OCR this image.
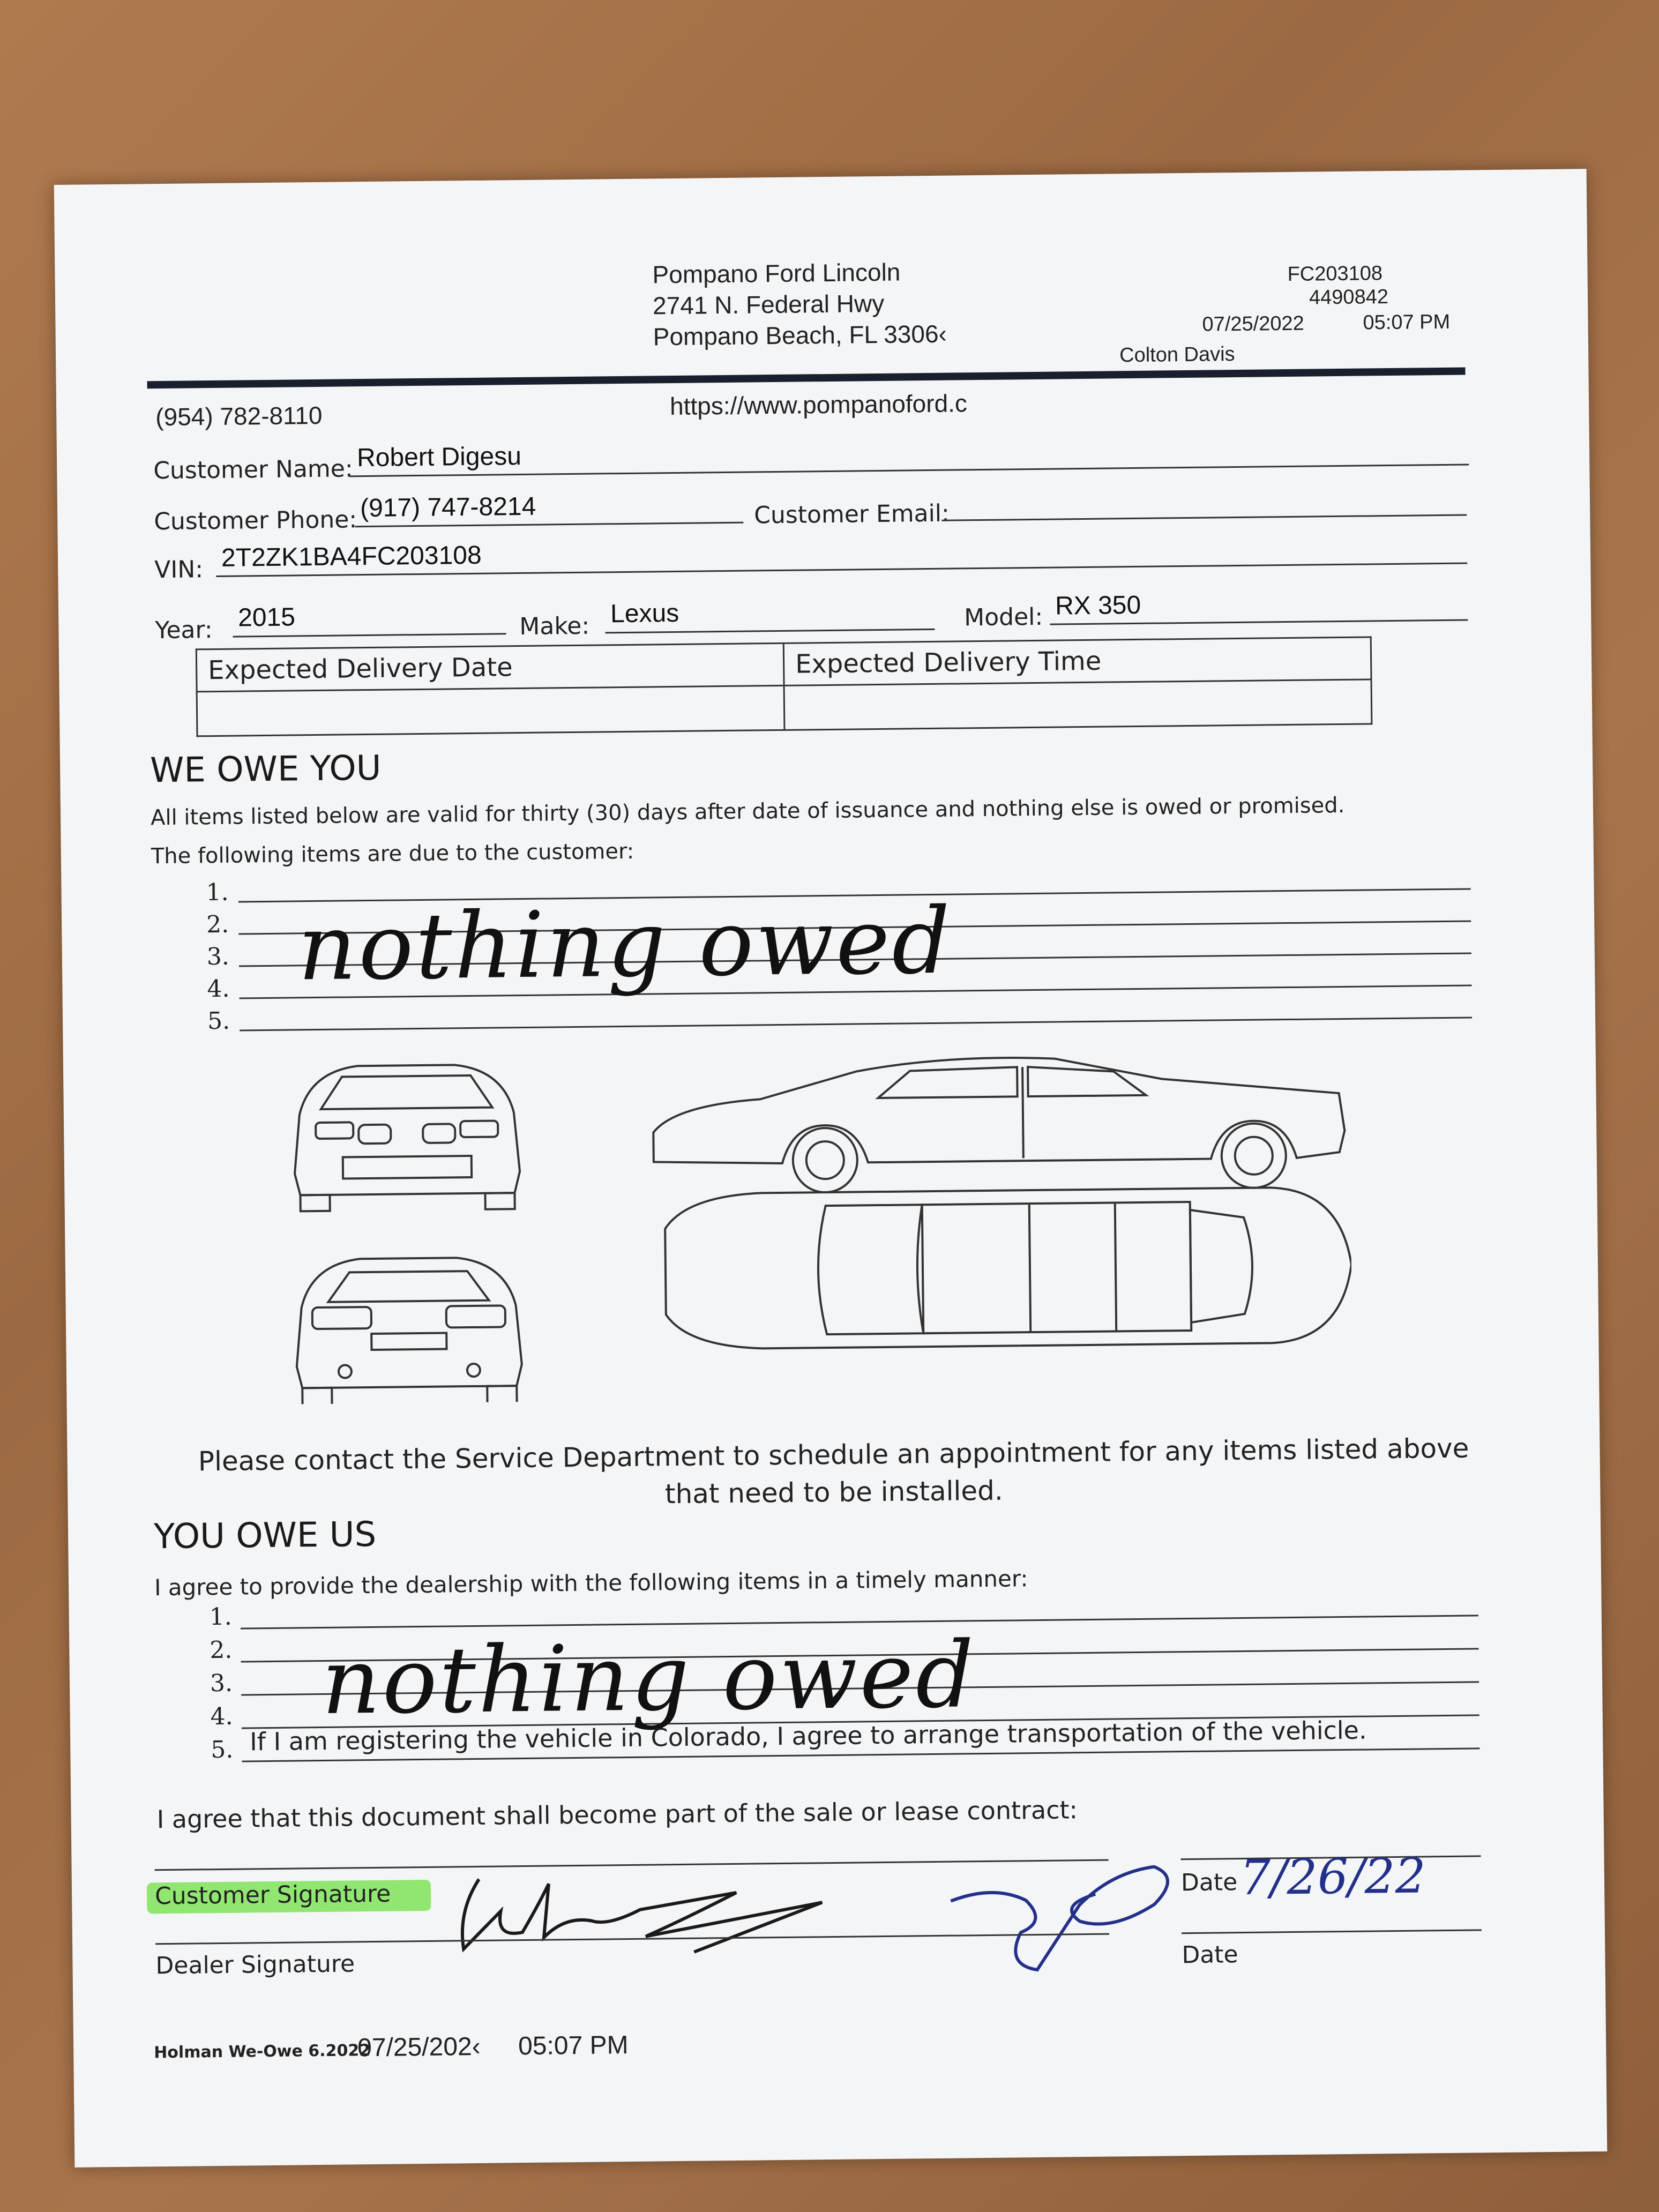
Pompano Ford Lincoln
2741 N. Federal Hwy
Pompano Beach, FL 3306‹
FC203108
4490842
07/25/2022	05:07 PM
Colton Davis
(954) 782-8110	https://www.pompanoford.c
Customer Name: Robert Digesu
Customer Phone: (917) 747-8214	Customer Email:
VIN: 2T2ZK1BA4FC203108
Year: 2015	Make: Lexus	Model: RX 350
Expected Delivery Date	Expected Delivery Time

WE OWE YOU
All items listed below are valid for thirty (30) days after date of issuance and nothing else is owed or promised.
The following items are due to the customer:
1.
2.
3.
4.
5.
nothing owed
Please contact the Service Department to schedule an appointment for any items listed above
that need to be installed.
YOU OWE US
I agree to provide the dealership with the following items in a timely manner:
1.
2.
3.
4.
5.
nothing owed
If I am registering the vehicle in Colorado, I agree to arrange transportation of the vehicle.
I agree that this document shall become part of the sale or lease contract:
Customer Signature	Date 7/26/22
Dealer Signature	Date
Holman We-Owe 6.2022
07/25/202‹ 05:07 PM
